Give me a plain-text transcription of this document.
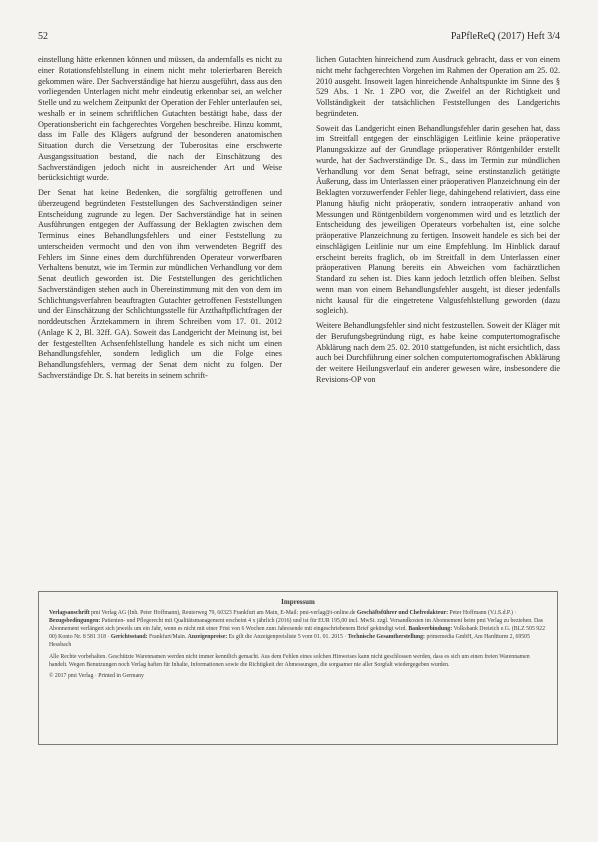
52	PaPfleReQ (2017) Heft 3/4

einstellung hätte erkennen können und müssen, da andernfalls es nicht zu einer Rotationsfehlstellung in einem nicht mehr tolerierbaren Bereich gekommen wäre. Der Sachverständige hat hierzu ausgeführt, dass aus den vorliegenden Unterlagen nicht mehr eindeutig erkennbar sei, an welcher Stelle und zu welchem Zeitpunkt der Operation der Fehler unterlaufen sei, weshalb er in seinem schriftlichen Gutachten bestätigt habe, dass der Operationsbericht ein fachgerechtes Vorgehen beschreibe. Hinzu kommt, dass im Falle des Klägers aufgrund der besonderen anatomischen Situation durch die Versetzung der Tuberositas eine erschwerte Ausgangssituation bestand, die nach der Einschätzung des Sachverständigen jedoch nicht in ausreichender Art und Weise berücksichtigt wurde.

Der Senat hat keine Bedenken, die sorgfältig getroffenen und überzeugend begründeten Feststellungen des Sachverständigen seiner Entscheidung zugrunde zu legen. Der Sachverständige hat in seinen Ausführungen entgegen der Auffassung der Beklagten zwischen dem Terminus eines Behandlungsfehlers und einer Feststellung zu unterscheiden vermocht und den von ihm verwendeten Begriff des Fehlers im Sinne eines dem durchführenden Operateur vorwerfbaren Verhaltens benutzt, wie im Termin zur mündlichen Verhandlung vor dem Senat deutlich geworden ist. Die Feststellungen des gerichtlichen Sachverständigen stehen auch in Übereinstimmung mit den von dem im Schlichtungsverfahren beauftragten Gutachter getroffenen Feststellungen und der Einschätzung der Schlichtungsstelle für Arzthaftpflichtfragen der norddeutschen Ärztekammern in ihrem Schreiben vom 17. 01. 2012 (Anlage K 2, Bl. 32ff. GA). Soweit das Landgericht der Meinung ist, bei der festgestellten Achsenfehlstellung handele es sich nicht um einen Behandlungsfehler, sondern lediglich um die Folge eines Behandlungsfehlers, vermag der Senat dem nicht zu folgen. Der Sachverständige Dr. S. hat bereits in seinem schrift-

lichen Gutachten hinreichend zum Ausdruck gebracht, dass er von einem nicht mehr fachgerechten Vorgehen im Rahmen der Operation am 25. 02. 2010 ausgeht. Insoweit lagen hinreichende Anhaltspunkte im Sinne des § 529 Abs. 1 Nr. 1 ZPO vor, die Zweifel an der Richtigkeit und Vollständigkeit der tatsächlichen Feststellungen des Landgerichts begründeten.

Soweit das Landgericht einen Behandlungsfehler darin gesehen hat, dass im Streitfall entgegen der einschlägigen Leitlinie keine präoperative Planungsskizze auf der Grundlage präoperativer Röntgenbilder erstellt wurde, hat der Sachverständige Dr. S., dass im Termin zur mündlichen Verhandlung vor dem Senat befragt, seine erstinstanzlich getätigte Äußerung, dass im Unterlassen einer präoperativen Planzeichnung ein der Beklagten vorzuwerfender Fehler liege, dahingehend relativiert, dass eine Planung häufig nicht präoperativ, sondern intraoperativ anhand von Messungen und Röntgenbildern vorgenommen wird und es letztlich der Entscheidung des jeweiligen Operateurs vorbehalten ist, eine solche präoperative Planzeichnung zu fertigen. Insoweit handele es sich bei der einschlägigen Leitlinie nur um eine Empfehlung. Im Hinblick darauf erscheint bereits fraglich, ob im Streitfall in dem Unterlassen einer präoperativen Planung bereits ein Abweichen vom fachärztlichen Standard zu sehen ist. Dies kann jedoch letztlich offen bleiben. Selbst wenn man von einem Behandlungsfehler ausgeht, ist dieser jedenfalls nicht kausal für die eingetretene Valgusfehlstellung geworden (dazu sogleich).

Weitere Behandlungsfehler sind nicht festzustellen. Soweit der Kläger mit der Berufungsbegründung rügt, es habe keine computertomografische Abklärung nach dem 25. 02. 2010 stattgefunden, ist nicht ersichtlich, dass auch bei Durchführung einer solchen computertomografischen Abklärung der weitere Heilungsverlauf ein anderer gewesen wäre, insbesondere die Revisions-OP von

Impressum

Verlagsanschrift pmi Verlag AG (Inh. Peter Hoffmann), Reuterweg 79, 60323 Frankfurt am Main, E-Mail: pmi-verlag@t-online.de Geschäftsführer und Chefredakteur: Peter Hoffmann (V.i.S.d.P.) · Bezugsbedingungen: Patienten- und Pflegerecht mit Qualitätsmanagement erscheint 4 x jährlich (2016) und ist für EUR 195,00 incl. MwSt. zzgl. Versandkosten im Abonnement beim pmi Verlag zu beziehen. Das Abonnement verlängert sich jeweils um ein Jahr, wenn es nicht mit einer Frist von 6 Wochen zum Jahresende mit eingeschriebenem Brief gekündigt wird. Bankverbindung: Volksbank Dreieich e.G. (BLZ 505 922 00) Konto Nr. 8 581 318 · Gerichtsstand: Frankfurt/Main. Anzeigenpreise: Es gilt die Anzeigenpreisliste 5 vom 01. 01. 2015 · Technische Gesamtherstellung: primemedia GmbH, Am Hardtturm 2, 69505 Hessbach

Alle Rechte vorbehalten. Geschützte Warennamen werden nicht immer kenntlich gemacht. Aus dem Fehlen eines solchen Hinweises kann nicht geschlossen werden, dass es sich um einen freien Warennamen handelt. Wegen Benutzungen noch Verlag haften für Inhalte, Informationen sowie die Richtigkeit der Abmessungen, die sorgsamer nie aller Sorgfalt wiedergegeben wurden.

© 2017 pmi Verlag · Printed in Germany
